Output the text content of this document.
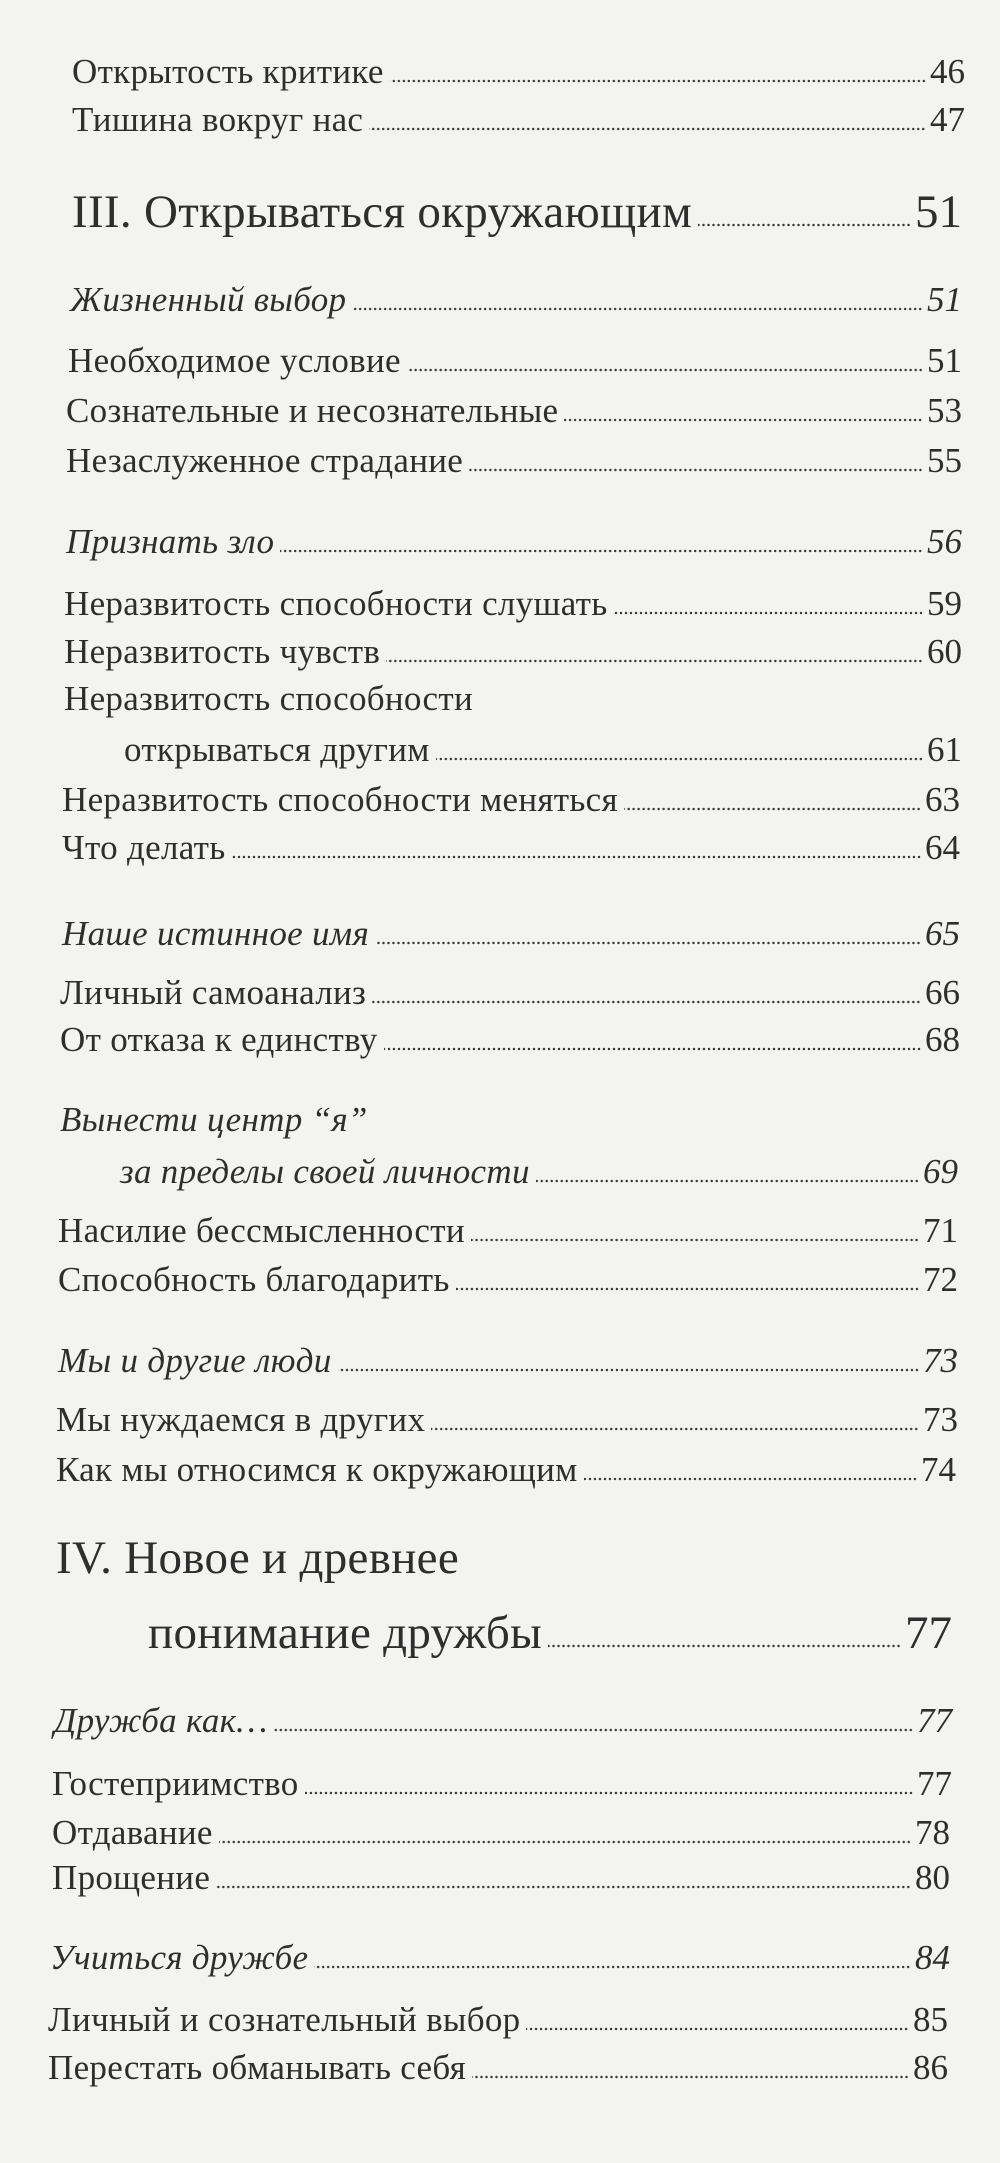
Открытость критике	46
Тишина вокруг нас	47
III. Открываться окружающим	51
Жизненный выбор	51
Необходимое условие	51
Сознательные и несознательные	53
Незаслуженное страдание	55
Признать зло	56
Неразвитость способности слушать	59
Неразвитость чувств	60
Неразвитость способности
открываться другим	61
Неразвитость способности меняться	63
Что делать	64
Наше истинное имя	65
Личный самоанализ	66
От отказа к единству	68
Вынести центр “я”
за пределы своей личности	69
Насилие бессмысленности	71
Способность благодарить	72
Мы и другие люди	73
Мы нуждаемся в других	73
Как мы относимся к окружающим	74
IV. Новое и древнее
понимание дружбы	77
Дружба как…	77
Гостеприимство	77
Отдавание	78
Прощение	80
Учиться дружбе	84
Личный и сознательный выбор	85
Перестать обманывать себя	86
